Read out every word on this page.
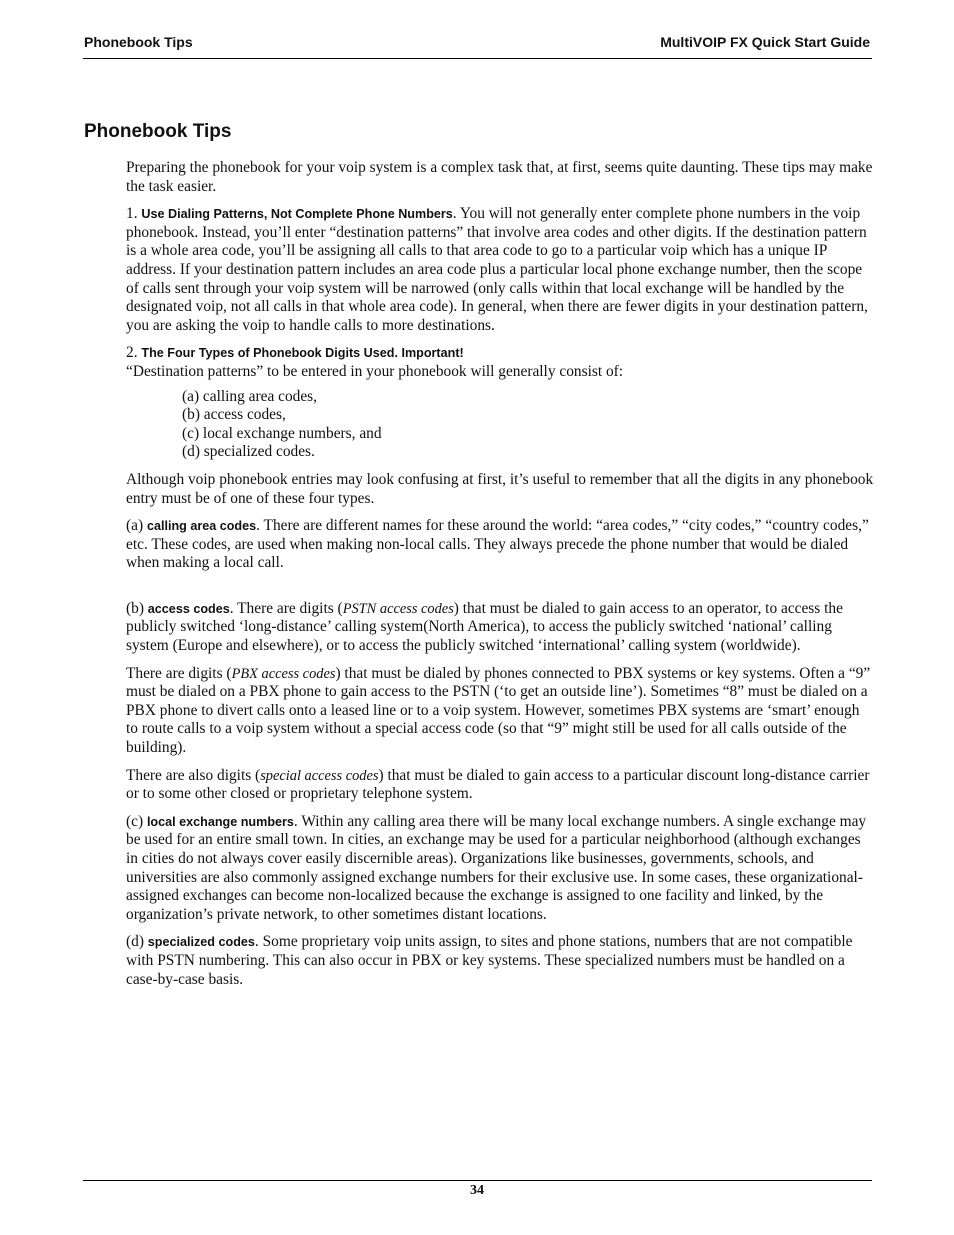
Phonebook Tips	MultiVOIP FX Quick Start Guide
Phonebook Tips

Preparing the phonebook for your voip system is a complex task that, at first, seems quite daunting. These tips may make the task easier.

1. Use Dialing Patterns, Not Complete Phone Numbers. You will not generally enter complete phone numbers in the voip phonebook. Instead, you’ll enter “destination patterns” that involve area codes and other digits. If the destination pattern is a whole area code, you’ll be assigning all calls to that area code to go to a particular voip which has a unique IP address. If your destination pattern includes an area code plus a particular local phone exchange number, then the scope of calls sent through your voip system will be narrowed (only calls within that local exchange will be handled by the designated voip, not all calls in that whole area code). In general, when there are fewer digits in your destination pattern, you are asking the voip to handle calls to more destinations.

2. The Four Types of Phonebook Digits Used. Important!

“Destination patterns” to be entered in your phonebook will generally consist of:

(a) calling area codes,
(b) access codes,
(c) local exchange numbers, and
(d) specialized codes.

Although voip phonebook entries may look confusing at first, it’s useful to remember that all the digits in any phonebook entry must be of one of these four types.

(a) calling area codes. There are different names for these around the world: “area codes,” “city codes,” “country codes,” etc. These codes, are used when making non-local calls. They always precede the phone number that would be dialed when making a local call.

(b) access codes. There are digits (PSTN access codes) that must be dialed to gain access to an operator, to access the publicly switched ‘long-distance’ calling system(North America), to access the publicly switched ‘national’ calling system (Europe and elsewhere), or to access the publicly switched ‘international’ calling system (worldwide).

There are digits (PBX access codes) that must be dialed by phones connected to PBX systems or key systems. Often a “9” must be dialed on a PBX phone to gain access to the PSTN (‘to get an outside line’). Sometimes “8” must be dialed on a PBX phone to divert calls onto a leased line or to a voip system. However, sometimes PBX systems are ‘smart’ enough to route calls to a voip system without a special access code (so that “9” might still be used for all calls outside of the building).

There are also digits (special access codes) that must be dialed to gain access to a particular discount long-distance carrier or to some other closed or proprietary telephone system.

(c) local exchange numbers. Within any calling area there will be many local exchange numbers. A single exchange may be used for an entire small town. In cities, an exchange may be used for a particular neighborhood (although exchanges in cities do not always cover easily discernible areas). Organizations like businesses, governments, schools, and universities are also commonly assigned exchange numbers for their exclusive use. In some cases, these organizational-assigned exchanges can become non-localized because the exchange is assigned to one facility and linked, by the organization’s private network, to other sometimes distant locations.

(d) specialized codes. Some proprietary voip units assign, to sites and phone stations, numbers that are not compatible with PSTN numbering. This can also occur in PBX or key systems. These specialized numbers must be handled on a case-by-case basis.

34
